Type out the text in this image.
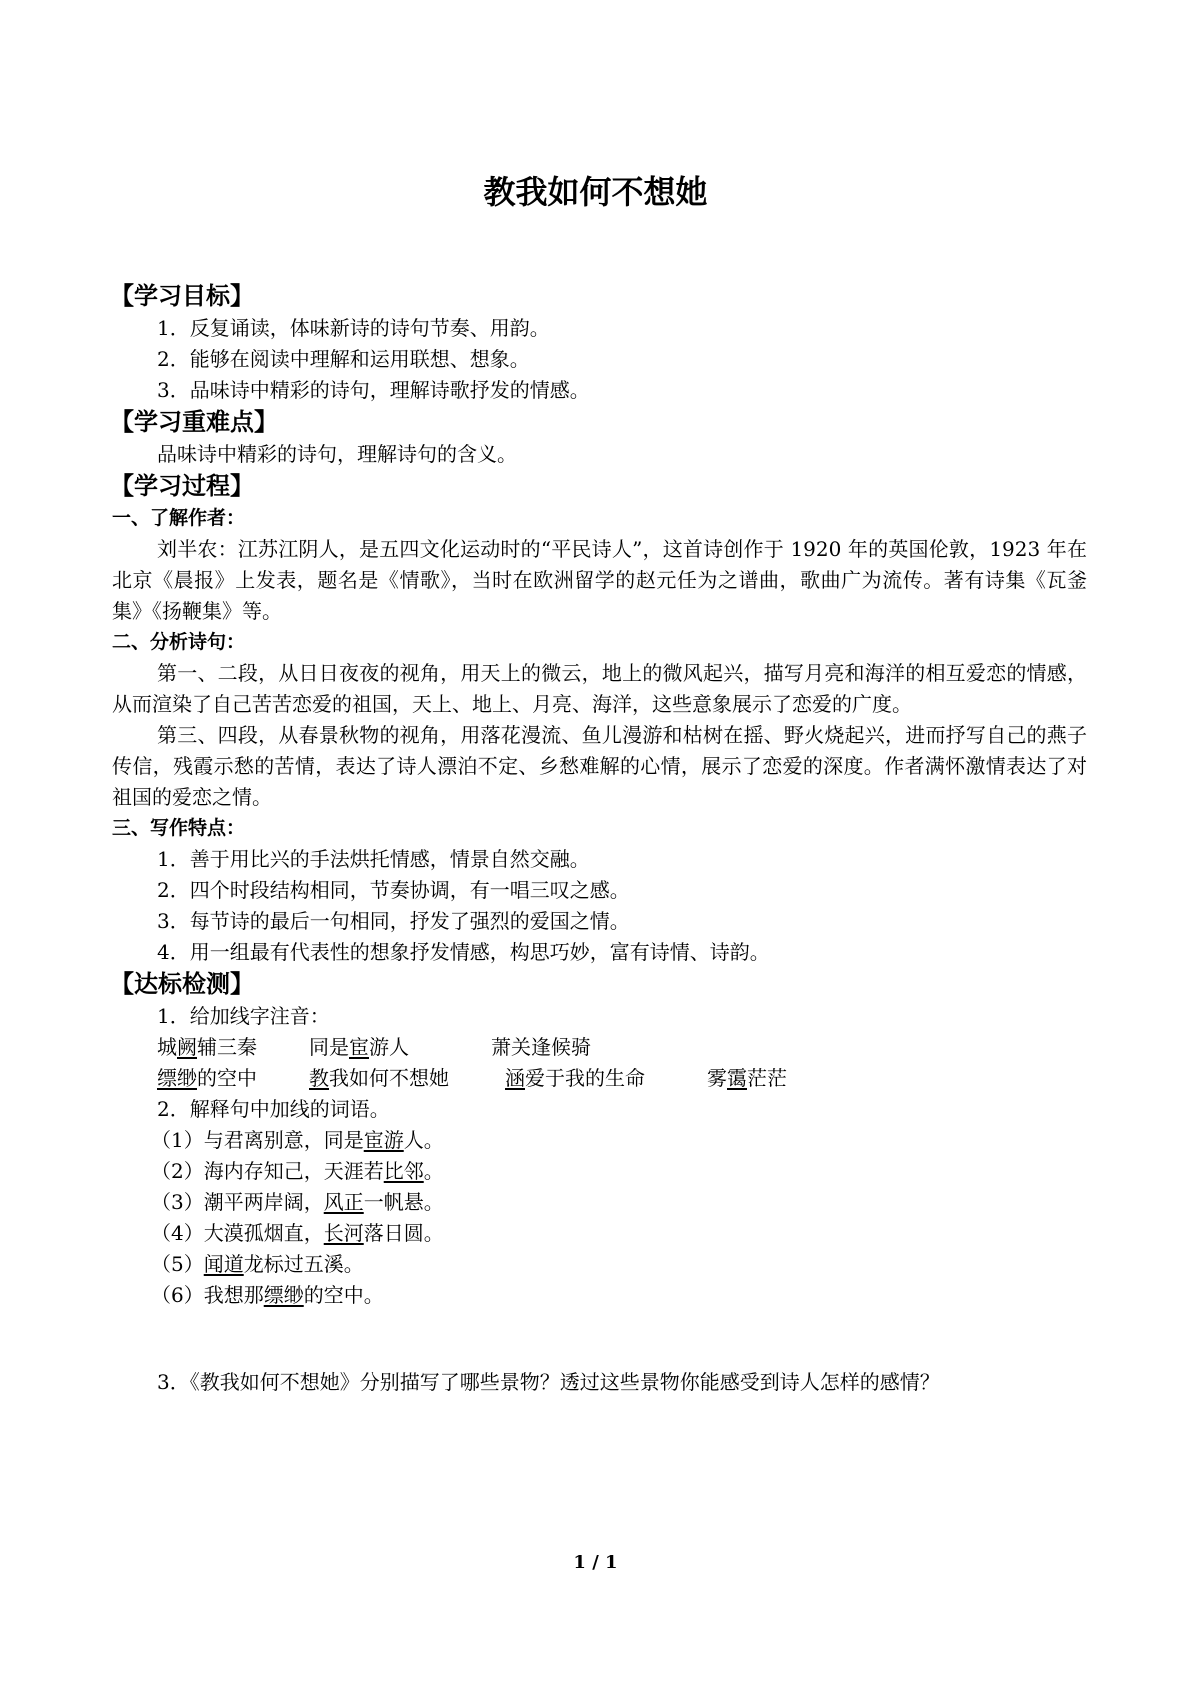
教我如何不想她
【学习目标】
1．反复诵读，体味新诗的诗句节奏、用韵。
2．能够在阅读中理解和运用联想、想象。
3．品味诗中精彩的诗句，理解诗歌抒发的情感。
【学习重难点】
品味诗中精彩的诗句，理解诗句的含义。
【学习过程】
一、了解作者：
刘半农：江苏江阴人，是五四文化运动时的“平民诗人”，这首诗创作于 1920 年的英国伦敦，1923 年在北京《晨报》上发表，题名是《情歌》，当时在欧洲留学的赵元任为之谱曲，歌曲广为流传。著有诗集《瓦釜集》《扬鞭集》等。
二、分析诗句：
第一、二段，从日日夜夜的视角，用天上的微云，地上的微风起兴，描写月亮和海洋的相互爱恋的情感，从而渲染了自己苦苦恋爱的祖国，天上、地上、月亮、海洋，这些意象展示了恋爱的广度。
第三、四段，从春景秋物的视角，用落花漫流、鱼儿漫游和枯树在摇、野火烧起兴，进而抒写自己的燕子传信，残霞示愁的苦情，表达了诗人漂泊不定、乡愁难解的心情，展示了恋爱的深度。作者满怀激情表达了对祖国的爱恋之情。
三、写作特点：
1．善于用比兴的手法烘托情感，情景自然交融。
2．四个时段结构相同，节奏协调，有一唱三叹之感。
3．每节诗的最后一句相同，抒发了强烈的爱国之情。
4．用一组最有代表性的想象抒发情感，构思巧妙，富有诗情、诗韵。
【达标检测】
1．给加线字注音：
城阙辅三秦	同是宦游人	萧关逢候骑
缥缈的空中	教我如何不想她	涵爱于我的生命	雾霭茫茫
2．解释句中加线的词语。
（1）与君离别意，同是宦游人。
（2）海内存知己，天涯若比邻。
（3）潮平两岸阔，风正一帆悬。
（4）大漠孤烟直，长河落日圆。
（5）闻道龙标过五溪。
（6）我想那缥缈的空中。
3．《教我如何不想她》分别描写了哪些景物？透过这些景物你能感受到诗人怎样的感情？
1 / 1
